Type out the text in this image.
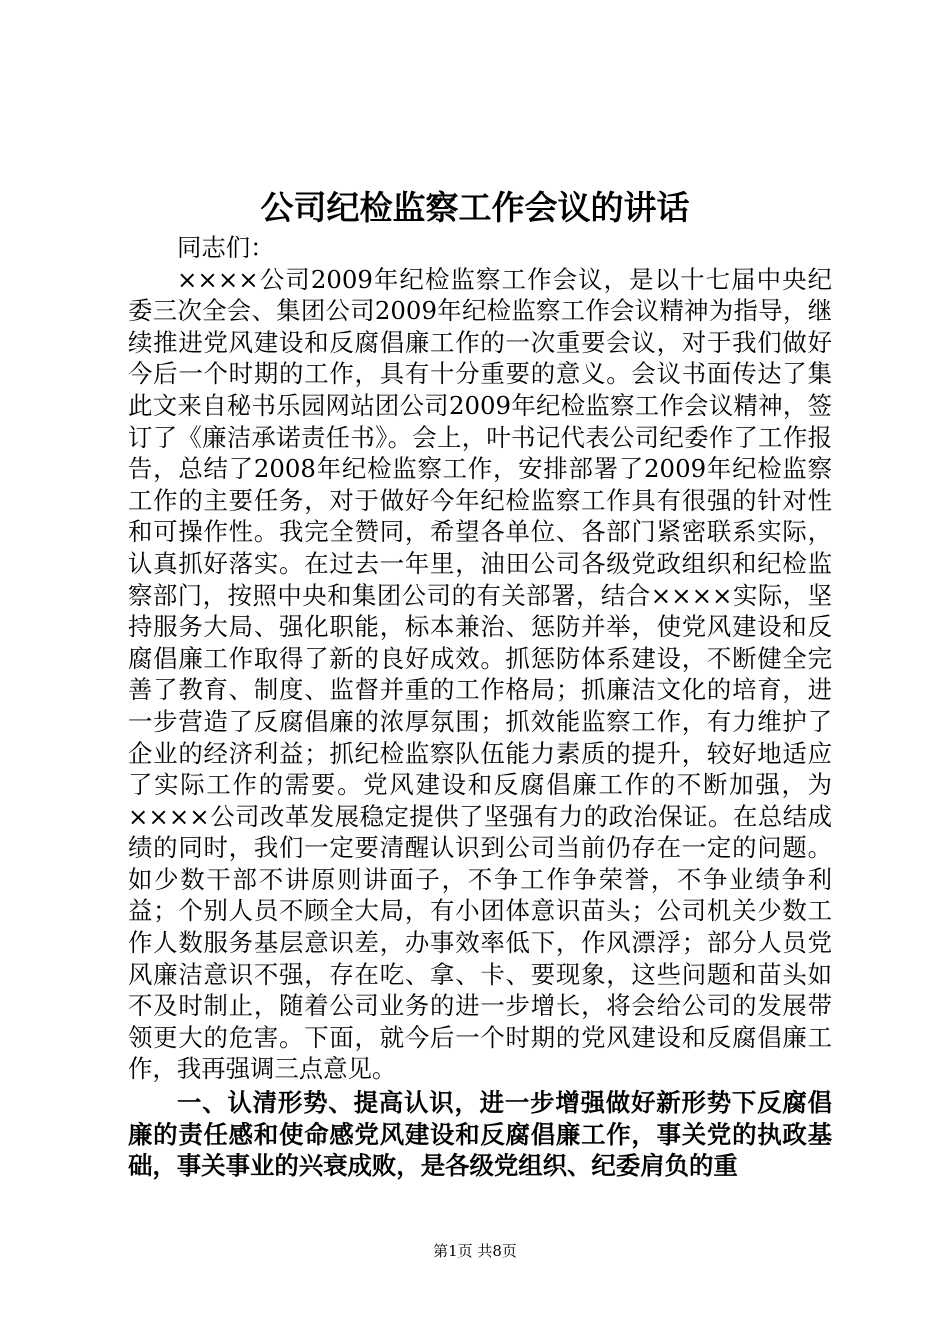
公司纪检监察工作会议的讲话

同志们：

××××公司2009年纪检监察工作会议，是以十七届中央纪委三次全会、集团公司2009年纪检监察工作会议精神为指导，继续推进党风建设和反腐倡廉工作的一次重要会议，对于我们做好今后一个时期的工作，具有十分重要的意义。会议书面传达了集此文来自秘书乐园网站团公司2009年纪检监察工作会议精神，签订了《廉洁承诺责任书》。会上，叶书记代表公司纪委作了工作报告，总结了2008年纪检监察工作，安排部署了2009年纪检监察工作的主要任务，对于做好今年纪检监察工作具有很强的针对性和可操作性。我完全赞同，希望各单位、各部门紧密联系实际，认真抓好落实。在过去一年里，油田公司各级党政组织和纪检监察部门，按照中央和集团公司的有关部署，结合××××实际，坚持服务大局、强化职能，标本兼治、惩防并举，使党风建设和反腐倡廉工作取得了新的良好成效。抓惩防体系建设，不断健全完善了教育、制度、监督并重的工作格局；抓廉洁文化的培育，进一步营造了反腐倡廉的浓厚氛围；抓效能监察工作，有力维护了企业的经济利益；抓纪检监察队伍能力素质的提升，较好地适应了实际工作的需要。党风建设和反腐倡廉工作的不断加强，为××××公司改革发展稳定提供了坚强有力的政治保证。在总结成绩的同时，我们一定要清醒认识到公司当前仍存在一定的问题。如少数干部不讲原则讲面子，不争工作争荣誉，不争业绩争利益；个别人员不顾全大局，有小团体意识苗头；公司机关少数工作人数服务基层意识差，办事效率低下，作风漂浮；部分人员党风廉洁意识不强，存在吃、拿、卡、要现象，这些问题和苗头如不及时制止，随着公司业务的进一步增长，将会给公司的发展带领更大的危害。下面，就今后一个时期的党风建设和反腐倡廉工作，我再强调三点意见。

一、认清形势、提高认识，进一步增强做好新形势下反腐倡廉的责任感和使命感党风建设和反腐倡廉工作，事关党的执政基础，事关事业的兴衰成败，是各级党组织、纪委肩负的重

第1页 共8页
